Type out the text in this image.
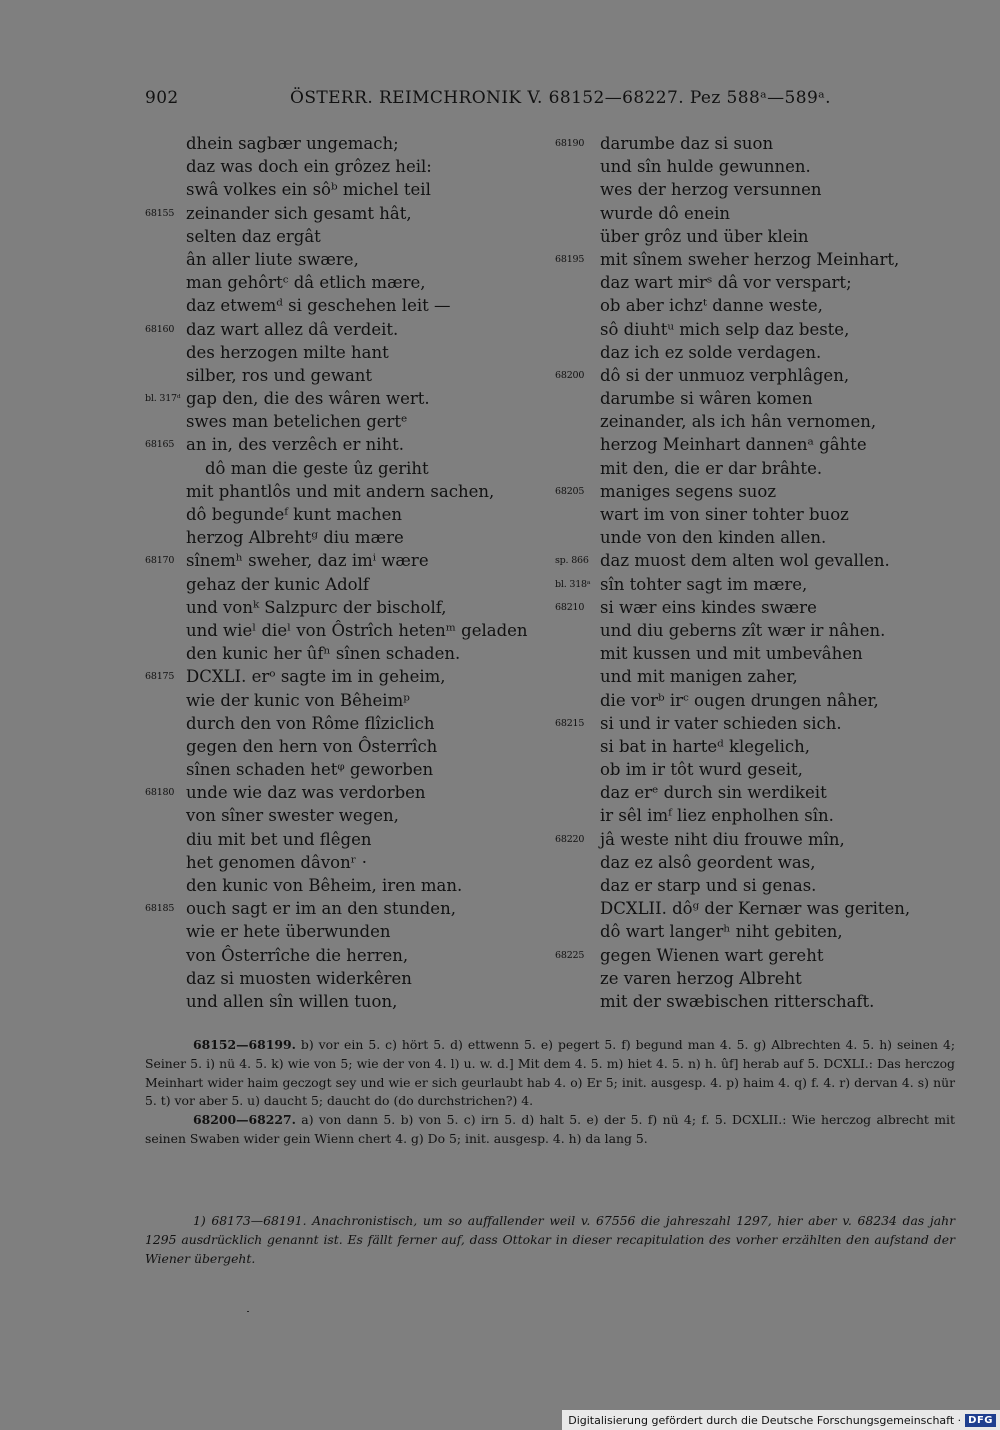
902	ÖSTERR. REIMCHRONIK V. 68152—68227. Pez 588ᵃ—589ᵃ.
dhein sagbær ungemach;
daz was doch ein grôzez heil:
swâ volkes ein sôᵇ michel teil
68155 zeinander sich gesamt hât,
selten daz ergât
ân aller liute swære,
man gehôrtᶜ dâ etlich mære,
daz etwemᵈ si geschehen leit —
68160 daz wart allez dâ verdeit.
des herzogen milte hant
silber, ros und gewant
bl. 317ᵈ gap den, die des wâren wert.
swes man betelichen gertᵉ
68165 an in, des verzêch er niht.
dô man die geste ûz geriht
mit phantlôs und mit andern sachen,
dô begundeᶠ kunt machen
herzog Albrehtᵍ diu mære
68170 sînemʰ sweher, daz imⁱ wære
gehaz der kunic Adolf
und vonᵏ Salzpurc der bischolf,
und wieˡ dieˡ von Ôstrîch hetenᵐ geladen
den kunic her ûfⁿ sînen schaden.
68175 DCXLI. erᵒ sagte im in geheim,
wie der kunic von Bêheimᵖ
durch den von Rôme flîziclich
gegen den hern von Ôsterrîch
sînen schaden hetᵠ geworben
68180 unde wie daz was verdorben
von sîner swester wegen,
diu mit bet und flêgen
het genomen dâvonʳ ·
den kunic von Bêheim, iren man.
68185 ouch sagt er im an den stunden,
wie er hete überwunden
von Ôsterrîche die herren,
daz si muosten widerkêren
und allen sîn willen tuon,
68190 darumbe daz si suon
und sîn hulde gewunnen.
wes der herzog versunnen
wurde dô enein
über grôz und über klein
68195 mit sînem sweher herzog Meinhart,
daz wart mirˢ dâ vor verspart;
ob aber ichzᵗ danne weste,
sô diuhtᵘ mich selp daz beste,
daz ich ez solde verdagen.
68200 dô si der unmuoz verphlâgen,
darumbe si wâren komen
zeinander, als ich hân vernomen,
herzog Meinhart dannenᵃ gâhte
mit den, die er dar brâhte.
68205 maniges segens suoz
wart im von siner tohter buoz
unde von den kinden allen.
sp. 866 daz muost dem alten wol gevallen.
bl. 318ᵃ sîn tohter sagt im mære,
68210 si wær eins kindes swære
und diu geberns zît wær ir nâhen.
mit kussen und mit umbevâhen
und mit manigen zaher,
die vorᵇ irᶜ ougen drungen nâher,
68215 si und ir vater schieden sich.
si bat in harteᵈ klegelich,
ob im ir tôt wurd geseit,
daz erᵉ durch sin werdikeit
ir sêl imᶠ liez enpholhen sîn.
68220 jâ weste niht diu frouwe mîn,
daz ez alsô geordent was,
daz er starp und si genas.
DCXLII. dôᵍ der Kernær was geriten,
dô wart langerʰ niht gebiten,
68225 gegen Wienen wart gereht
ze varen herzog Albreht
mit der swæbischen ritterschaft.

68152—68199. b) vor ein 5. c) hört 5. d) ettwenn 5. e) pegert 5. f) begund man 4. 5. g) Albrechten 4. 5. h) seinen 4; Seiner 5. i) nü 4. 5. k) wie von 5; wie der von 4. l) u. w. d.] Mit dem 4. 5. m) hiet 4. 5. n) h. ûf] herab auf 5. DCXLI.: Das herczog Meinhart wider haim geczogt sey und wie er sich geurlaubt hab 4. o) Er 5; init. ausgesp. 4. p) haim 4. q) f. 4. r) dervan 4. s) nür 5. t) vor aber 5. u) daucht 5; daucht do (do durchstrichen?) 4.

68200—68227. a) von dann 5. b) von 5. c) irn 5. d) halt 5. e) der 5. f) nü 4; f. 5. DCXLII.: Wie herczog albrecht mit seinen Swaben wider gein Wienn chert 4. g) Do 5; init. ausgesp. 4. h) da lang 5.

1) 68173—68191. Anachronistisch, um so auffallender weil v. 67556 die jahreszahl 1297, hier aber v. 68234 das jahr 1295 ausdrücklich genannt ist. Es fällt ferner auf, dass Ottokar in dieser recapitulation des vorher erzählten den aufstand der Wiener übergeht.

Digitalisierung gefördert durch die Deutsche Forschungsgemeinschaft · DFG
